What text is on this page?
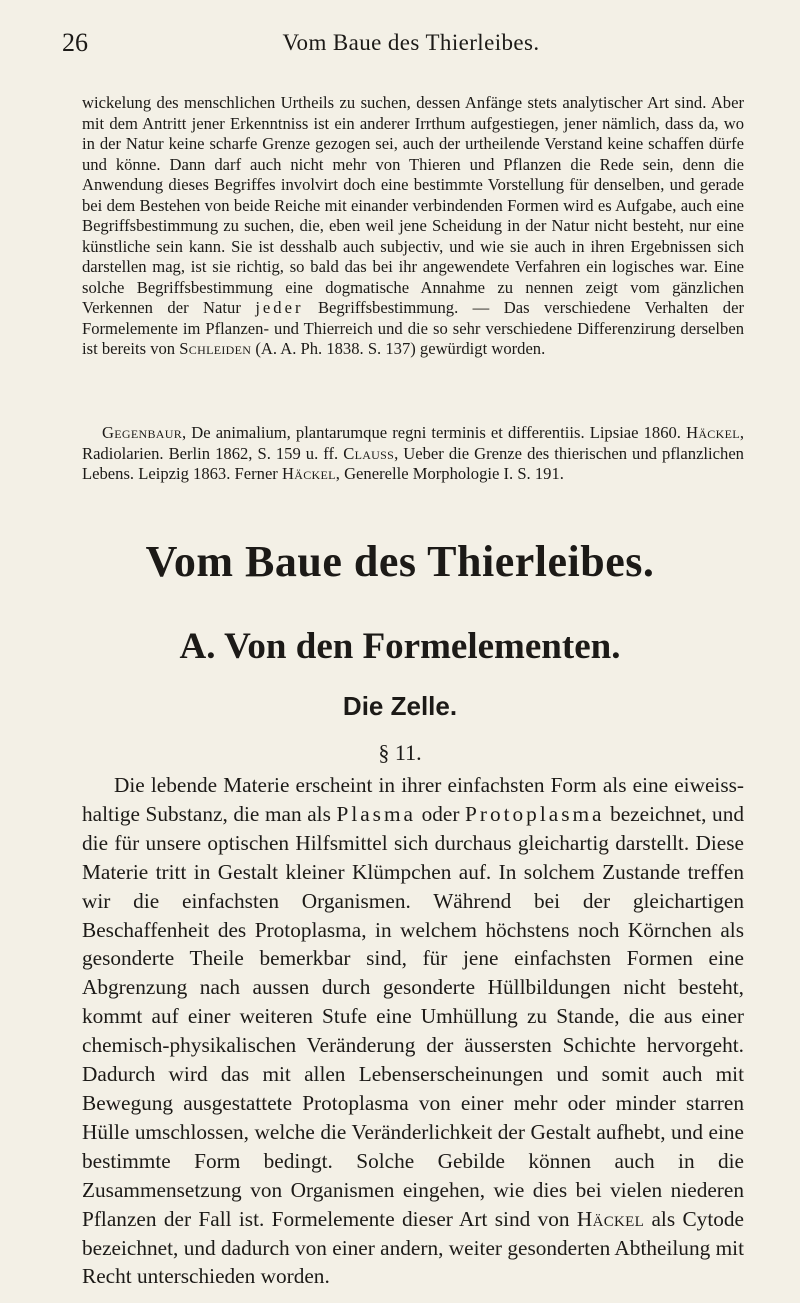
26	Vom Baue des Thierleibes.

wickelung des menschlichen Urtheils zu suchen, dessen Anfänge stets analytischer Art sind. Aber mit dem Antritt jener Erkenntniss ist ein anderer Irrthum aufgestiegen, jener nämlich, dass da, wo in der Natur keine scharfe Grenze gezogen sei, auch der urtheilende Verstand keine schaffen dürfe und könne. Dann darf auch nicht mehr von Thieren und Pflanzen die Rede sein, denn die Anwendung dieses Begriffes involvirt doch eine bestimmte Vorstellung für denselben, und gerade bei dem Bestehen von beide Reiche mit einander verbindenden Formen wird es Aufgabe, auch eine Begriffsbestimmung zu suchen, die, eben weil jene Scheidung in der Natur nicht besteht, nur eine künstliche sein kann. Sie ist desshalb auch subjectiv, und wie sie auch in ihren Ergebnissen sich darstellen mag, ist sie richtig, so bald das bei ihr angewendete Verfahren ein logisches war. Eine solche Begriffsbestimmung eine dogmatische Annahme zu nennen zeigt vom gänzlichen Verkennen der Natur jeder Begriffsbestimmung. — Das verschiedene Verhalten der Formelemente im Pflanzen- und Thierreich und die so sehr verschiedene Differenzirung derselben ist bereits von Schleiden (A. A. Ph. 1838. S. 137) gewürdigt worden.

Gegenbaur, De animalium, plantarumque regni terminis et differentiis. Lipsiae 1860. Häckel, Radiolarien. Berlin 1862, S. 159 u. ff. Clauss, Ueber die Grenze des thierischen und pflanzlichen Lebens. Leipzig 1863. Ferner Häckel, Generelle Morphologie I. S. 191.

Vom Baue des Thierleibes.
A. Von den Formelementen.
Die Zelle.
§ 11.

Die lebende Materie erscheint in ihrer einfachsten Form als eine eiweiss-haltige Substanz, die man als Plasma oder Protoplasma bezeichnet, und die für unsere optischen Hilfsmittel sich durchaus gleichartig darstellt. Diese Materie tritt in Gestalt kleiner Klümpchen auf. In solchem Zustande treffen wir die einfachsten Organismen. Während bei der gleichartigen Beschaffenheit des Protoplasma, in welchem höchstens noch Körnchen als gesonderte Theile bemerkbar sind, für jene einfachsten Formen eine Abgrenzung nach aussen durch gesonderte Hüllbildungen nicht besteht, kommt auf einer weiteren Stufe eine Umhüllung zu Stande, die aus einer chemisch-physikalischen Veränderung der äussersten Schichte hervorgeht. Dadurch wird das mit allen Lebenserscheinungen und somit auch mit Bewegung ausgestattete Protoplasma von einer mehr oder minder starren Hülle umschlossen, welche die Veränderlichkeit der Gestalt aufhebt, und eine bestimmte Form bedingt. Solche Gebilde können auch in die Zusammensetzung von Organismen eingehen, wie dies bei vielen niederen Pflanzen der Fall ist. Formelemente dieser Art sind von Häckel als Cytode bezeichnet, und dadurch von einer andern, weiter gesonderten Abtheilung mit Recht unterschieden worden.
